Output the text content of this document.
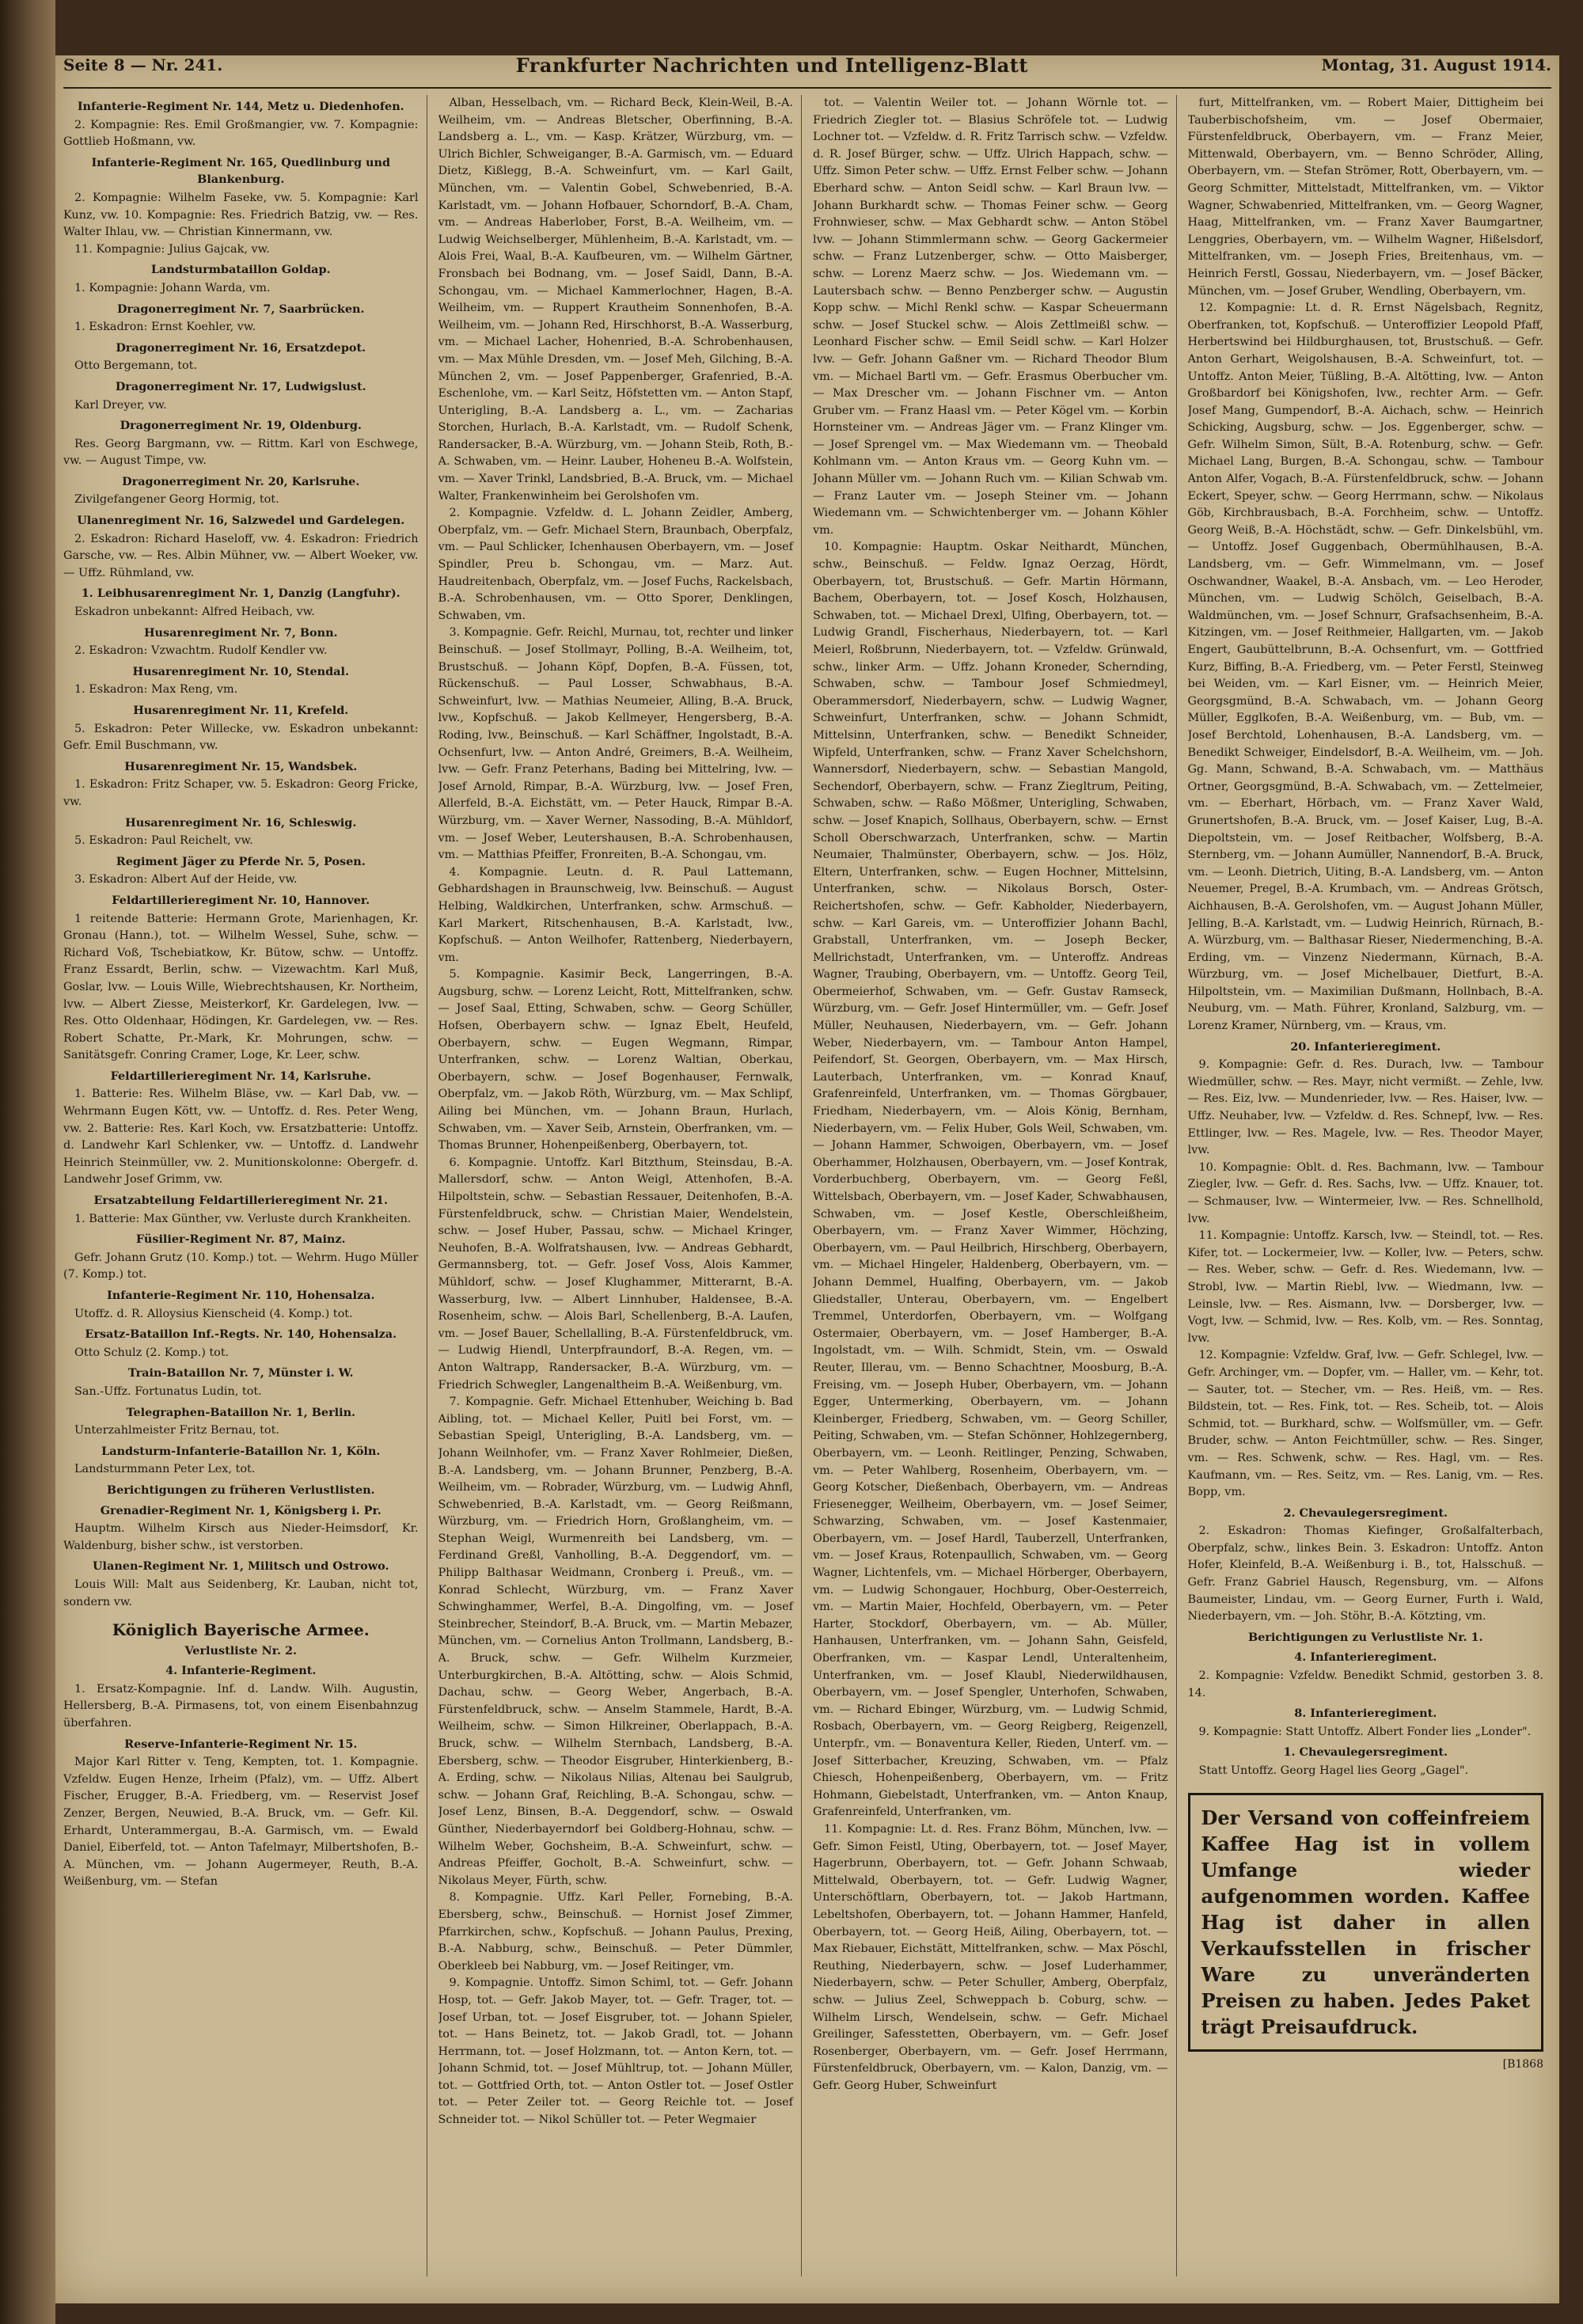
Seite 8 — Nr. 241.	Frankfurter Nachrichten und Intelligenz-Blatt	Montag, 31. August 1914.

Infanterie-Regiment Nr. 144, Metz u. Diedenhofen.

2. Kompagnie: Res. Emil Großmangier, vw. 7. Kompagnie: Gottlieb Hoßmann, vw.

Infanterie-Regiment Nr. 165, Quedlinburg und Blankenburg.

2. Kompagnie: Wilhelm Faseke, vw. 5. Kompagnie: Karl Kunz, vw. 10. Kompagnie: Res. Friedrich Batzig, vw. — Res. Walter Ihlau, vw. — Christian Kinnermann, vw.

11. Kompagnie: Julius Gajcak, vw.

Landsturmbataillon Goldap.

1. Kompagnie: Johann Warda, vm.

Dragonerregiment Nr. 7, Saarbrücken.

1. Eskadron: Ernst Koehler, vw.

Dragonerregiment Nr. 16, Ersatzdepot.

Otto Bergemann, tot.

Dragonerregiment Nr. 17, Ludwigslust.

Karl Dreyer, vw.

Dragonerregiment Nr. 19, Oldenburg.

Res. Georg Bargmann, vw. — Rittm. Karl von Eschwege, vw. — August Timpe, vw.

Dragonerregiment Nr. 20, Karlsruhe.

Zivilgefangener Georg Hormig, tot.

Ulanenregiment Nr. 16, Salzwedel und Gardelegen.

2. Eskadron: Richard Haseloff, vw. 4. Eskadron: Friedrich Garsche, vw. — Res. Albin Mühner, vw. — Albert Woeker, vw. — Uffz. Rühmland, vw.

1. Leibhusarenregiment Nr. 1, Danzig (Langfuhr).

Eskadron unbekannt: Alfred Heibach, vw.

Husarenregiment Nr. 7, Bonn.

2. Eskadron: Vzwachtm. Rudolf Kendler vw.

Husarenregiment Nr. 10, Stendal.

1. Eskadron: Max Reng, vm.

Husarenregiment Nr. 11, Krefeld.

5. Eskadron: Peter Willecke, vw. Eskadron unbekannt: Gefr. Emil Buschmann, vw.

Husarenregiment Nr. 15, Wandsbek.

1. Eskadron: Fritz Schaper, vw. 5. Eskadron: Georg Fricke, vw.

Husarenregiment Nr. 16, Schleswig.

5. Eskadron: Paul Reichelt, vw.

Regiment Jäger zu Pferde Nr. 5, Posen.

3. Eskadron: Albert Auf der Heide, vw.

Feldartillerieregiment Nr. 10, Hannover.

1 reitende Batterie: Hermann Grote, Marienhagen, Kr. Gronau (Hann.), tot. — Wilhelm Wessel, Suhe, schw. — Richard Voß, Tschebiatkow, Kr. Bütow, schw. — Untoffz. Franz Essardt, Berlin, schw. — Vizewachtm. Karl Muß, Goslar, lvw. — Louis Wille, Wiebrechtshausen, Kr. Northeim, lvw. — Albert Ziesse, Meisterkorf, Kr. Gardelegen, lvw. — Res. Otto Oldenhaar, Hödingen, Kr. Gardelegen, vw. — Res. Robert Schatte, Pr.-Mark, Kr. Mohrungen, schw. — Sanitätsgefr. Conring Cramer, Loge, Kr. Leer, schw.

Feldartillerieregiment Nr. 14, Karlsruhe.

1. Batterie: Res. Wilhelm Bläse, vw. — Karl Dab, vw. — Wehrmann Eugen Kött, vw. — Untoffz. d. Res. Peter Weng, vw. 2. Batterie: Res. Karl Koch, vw. Ersatzbatterie: Untoffz. d. Landwehr Karl Schlenker, vw. — Untoffz. d. Landwehr Heinrich Steinmüller, vw. 2. Munitionskolonne: Obergefr. d. Landwehr Josef Grimm, vw.

Ersatzabteilung Feldartillerieregiment Nr. 21.

1. Batterie: Max Günther, vw. Verluste durch Krankheiten.

Füsilier-Regiment Nr. 87, Mainz.

Gefr. Johann Grutz (10. Komp.) tot. — Wehrm. Hugo Müller (7. Komp.) tot.

Infanterie-Regiment Nr. 110, Hohensalza.

Utoffz. d. R. Alloysius Kienscheid (4. Komp.) tot.

Ersatz-Bataillon Inf.-Regts. Nr. 140, Hohensalza.

Otto Schulz (2. Komp.) tot.

Train-Bataillon Nr. 7, Münster i. W.

San.-Uffz. Fortunatus Ludin, tot.

Telegraphen-Bataillon Nr. 1, Berlin.

Unterzahlmeister Fritz Bernau, tot.

Landsturm-Infanterie-Bataillon Nr. 1, Köln.

Landsturmmann Peter Lex, tot.

Berichtigungen zu früheren Verlustlisten.

Grenadier-Regiment Nr. 1, Königsberg i. Pr.

Hauptm. Wilhelm Kirsch aus Nieder-Heimsdorf, Kr. Waldenburg, bisher schw., ist verstorben.

Ulanen-Regiment Nr. 1, Militsch und Ostrowo.

Louis Will: Malt aus Seidenberg, Kr. Lauban, nicht tot, sondern vw.

Königlich Bayerische Armee.

Verlustliste Nr. 2.

4. Infanterie-Regiment.

1. Ersatz-Kompagnie. Inf. d. Landw. Wilh. Augustin, Hellersberg, B.-A. Pirmasens, tot, von einem Eisenbahnzug überfahren.

Reserve-Infanterie-Regiment Nr. 15.

Major Karl Ritter v. Teng, Kempten, tot. 1. Kompagnie. Vzfeldw. Eugen Henze, Irheim (Pfalz), vm. — Uffz. Albert Fischer, Erugger, B.-A. Friedberg, vm. — Reservist Josef Zenzer, Bergen, Neuwied, B.-A. Bruck, vm. — Gefr. Kil. Erhardt, Unterammergau, B.-A. Garmisch, vm. — Ewald Daniel, Eiberfeld, tot. — Anton Tafelmayr, Milbertshofen, B.-A. München, vm. — Johann Augermeyer, Reuth, B.-A. Weißenburg, vm. — Stefan

Alban, Hesselbach, vm. — Richard Beck, Klein-Weil, B.-A. Weilheim, vm. — Andreas Bletscher, Oberfinning, B.-A. Landsberg a. L., vm. — Kasp. Krätzer, Würzburg, vm. — Ulrich Bichler, Schweiganger, B.-A. Garmisch, vm. — Eduard Dietz, Kißlegg, B.-A. Schweinfurt, vm. — Karl Gailt, München, vm. — Valentin Gobel, Schwebenried, B.-A. Karlstadt, vm. — Johann Hofbauer, Schorndorf, B.-A. Cham, vm. — Andreas Haberlober, Forst, B.-A. Weilheim, vm. — Ludwig Weichselberger, Mühlenheim, B.-A. Karlstadt, vm. — Alois Frei, Waal, B.-A. Kaufbeuren, vm. — Wilhelm Gärtner, Fronsbach bei Bodnang, vm. — Josef Saidl, Dann, B.-A. Schongau, vm. — Michael Kammerlochner, Hagen, B.-A. Weilheim, vm. — Ruppert Krautheim Sonnenhofen, B.-A. Weilheim, vm. — Johann Red, Hirschhorst, B.-A. Wasserburg, vm. — Michael Lacher, Hohenried, B.-A. Schrobenhausen, vm. — Max Mühle Dresden, vm. — Josef Meh, Gilching, B.-A. München 2, vm. — Josef Pappenberger, Grafenried, B.-A. Eschenlohe, vm. — Karl Seitz, Höfstetten vm. — Anton Stapf, Unterigling, B.-A. Landsberg a. L., vm. — Zacharias Storchen, Hurlach, B.-A. Karlstadt, vm. — Rudolf Schenk, Randersacker, B.-A. Würzburg, vm. — Johann Steib, Roth, B.-A. Schwaben, vm. — Heinr. Lauber, Hoheneu B.-A. Wolfstein, vm. — Xaver Trinkl, Landsbried, B.-A. Bruck, vm. — Michael Walter, Frankenwinheim bei Gerolshofen vm.

2. Kompagnie. Vzfeldw. d. L. Johann Zeidler, Amberg, Oberpfalz, vm. — Gefr. Michael Stern, Braunbach, Oberpfalz, vm. — Paul Schlicker, Ichenhausen Oberbayern, vm. — Josef Spindler, Preu b. Schongau, vm. — Marz. Aut. Haudreitenbach, Oberpfalz, vm. — Josef Fuchs, Rackelsbach, B.-A. Schrobenhausen, vm. — Otto Sporer, Denklingen, Schwaben, vm.

3. Kompagnie. Gefr. Reichl, Murnau, tot, rechter und linker Beinschuß. — Josef Stollmayr, Polling, B.-A. Weilheim, tot, Brustschuß. — Johann Köpf, Dopfen, B.-A. Füssen, tot, Rückenschuß. — Paul Losser, Schwabhaus, B.-A. Schweinfurt, lvw. — Mathias Neumeier, Alling, B.-A. Bruck, lvw., Kopfschuß. — Jakob Kellmeyer, Hengersberg, B.-A. Roding, lvw., Beinschuß. — Karl Schäffner, Ingolstadt, B.-A. Ochsenfurt, lvw. — Anton André, Greimers, B.-A. Weilheim, lvw. — Gefr. Franz Peterhans, Bading bei Mittelring, lvw. — Josef Arnold, Rimpar, B.-A. Würzburg, lvw. — Josef Fren, Allerfeld, B.-A. Eichstätt, vm. — Peter Hauck, Rimpar B.-A. Würzburg, vm. — Xaver Werner, Nassoding, B.-A. Mühldorf, vm. — Josef Weber, Leutershausen, B.-A. Schrobenhausen, vm. — Matthias Pfeiffer, Fronreiten, B.-A. Schongau, vm.

4. Kompagnie. Leutn. d. R. Paul Lattemann, Gebhardshagen in Braunschweig, lvw. Beinschuß. — August Helbing, Waldkirchen, Unterfranken, schw. Armschuß. — Karl Markert, Ritschenhausen, B.-A. Karlstadt, lvw., Kopfschuß. — Anton Weilhofer, Rattenberg, Niederbayern, vm.

5. Kompagnie. Kasimir Beck, Langerringen, B.-A. Augsburg, schw. — Lorenz Leicht, Rott, Mittelfranken, schw. — Josef Saal, Etting, Schwaben, schw. — Georg Schüller, Hofsen, Oberbayern schw. — Ignaz Ebelt, Heufeld, Oberbayern, schw. — Eugen Wegmann, Rimpar, Unterfranken, schw. — Lorenz Waltian, Oberkau, Oberbayern, schw. — Josef Bogenhauser, Fernwalk, Oberpfalz, vm. — Jakob Röth, Würzburg, vm. — Max Schlipf, Ailing bei München, vm. — Johann Braun, Hurlach, Schwaben, vm. — Xaver Seib, Arnstein, Oberfranken, vm. — Thomas Brunner, Hohenpeißenberg, Oberbayern, tot.

6. Kompagnie. Untoffz. Karl Bitzthum, Steinsdau, B.-A. Mallersdorf, schw. — Anton Weigl, Attenhofen, B.-A. Hilpoltstein, schw. — Sebastian Ressauer, Deitenhofen, B.-A. Fürstenfeldbruck, schw. — Christian Maier, Wendelstein, schw. — Josef Huber, Passau, schw. — Michael Kringer, Neuhofen, B.-A. Wolfratshausen, lvw. — Andreas Gebhardt, Germannsberg, tot. — Gefr. Josef Voss, Alois Kammer, Mühldorf, schw. — Josef Klughammer, Mitterarnt, B.-A. Wasserburg, lvw. — Albert Linnhuber, Haldensee, B.-A. Rosenheim, schw. — Alois Barl, Schellenberg, B.-A. Laufen, vm. — Josef Bauer, Schellalling, B.-A. Fürstenfeldbruck, vm. — Ludwig Hiendl, Unterpfraundorf, B.-A. Regen, vm. — Anton Waltrapp, Randersacker, B.-A. Würzburg, vm. — Friedrich Schwegler, Langenaltheim B.-A. Weißenburg, vm.

7. Kompagnie. Gefr. Michael Ettenhuber, Weiching b. Bad Aibling, tot. — Michael Keller, Puitl bei Forst, vm. — Sebastian Speigl, Unterigling, B.-A. Landsberg, vm. — Johann Weilnhofer, vm. — Franz Xaver Rohlmeier, Dießen, B.-A. Landsberg, vm. — Johann Brunner, Penzberg, B.-A. Weilheim, vm. — Robrader, Würzburg, vm. — Ludwig Ahnfl, Schwebenried, B.-A. Karlstadt, vm. — Georg Reißmann, Würzburg, vm. — Friedrich Horn, Großlangheim, vm. — Stephan Weigl, Wurmenreith bei Landsberg, vm. — Ferdinand Greßl, Vanholling, B.-A. Deggendorf, vm. — Philipp Balthasar Weidmann, Cronberg i. Preuß., vm. — Konrad Schlecht, Würzburg, vm. — Franz Xaver Schwinghammer, Werfel, B.-A. Dingolfing, vm. — Josef Steinbrecher, Steindorf, B.-A. Bruck, vm. — Martin Mebazer, München, vm. — Cornelius Anton Trollmann, Landsberg, B.-A. Bruck, schw. — Gefr. Wilhelm Kurzmeier, Unterburgkirchen, B.-A. Altötting, schw. — Alois Schmid, Dachau, schw. — Georg Weber, Angerbach, B.-A. Fürstenfeldbruck, schw. — Anselm Stammele, Hardt, B.-A. Weilheim, schw. — Simon Hilkreiner, Oberlappach, B.-A. Bruck, schw. — Wilhelm Sternbach, Landsberg, B.-A. Ebersberg, schw. — Theodor Eisgruber, Hinterkienberg, B.-A. Erding, schw. — Nikolaus Nilias, Altenau bei Saulgrub, schw. — Johann Graf, Reichling, B.-A. Schongau, schw. — Josef Lenz, Binsen, B.-A. Deggendorf, schw. — Oswald Günther, Niederbayerndorf bei Goldberg-Hohnau, schw. — Wilhelm Weber, Gochsheim, B.-A. Schweinfurt, schw. — Andreas Pfeiffer, Gocholt, B.-A. Schweinfurt, schw. — Nikolaus Meyer, Fürth, schw.

8. Kompagnie. Uffz. Karl Peller, Fornebing, B.-A. Ebersberg, schw., Beinschuß. — Hornist Josef Zimmer, Pfarrkirchen, schw., Kopfschuß. — Johann Paulus, Prexing, B.-A. Nabburg, schw., Beinschuß. — Peter Dümmler, Oberkleeb bei Nabburg, vm. — Josef Reitinger, vm.

9. Kompagnie. Untoffz. Simon Schiml, tot. — Gefr. Johann Hosp, tot. — Gefr. Jakob Mayer, tot. — Gefr. Trager, tot. — Josef Urban, tot. — Josef Eisgruber, tot. — Johann Spieler, tot. — Hans Beinetz, tot. — Jakob Gradl, tot. — Johann Herrmann, tot. — Josef Holzmann, tot. — Anton Kern, tot. — Johann Schmid, tot. — Josef Mühltrup, tot. — Johann Müller, tot. — Gottfried Orth, tot. — Anton Ostler tot. — Josef Ostler tot. — Peter Zeiler tot. — Georg Reichle tot. — Josef Schneider tot. — Nikol Schüller tot. — Peter Wegmaier

tot. — Valentin Weiler tot. — Johann Wörnle tot. — Friedrich Ziegler tot. — Blasius Schröfele tot. — Ludwig Lochner tot. — Vzfeldw. d. R. Fritz Tarrisch schw. — Vzfeldw. d. R. Josef Bürger, schw. — Uffz. Ulrich Happach, schw. — Uffz. Simon Peter schw. — Uffz. Ernst Felber schw. — Johann Eberhard schw. — Anton Seidl schw. — Karl Braun lvw. — Johann Burkhardt schw. — Thomas Feiner schw. — Georg Frohnwieser, schw. — Max Gebhardt schw. — Anton Stöbel lvw. — Johann Stimmlermann schw. — Georg Gackermeier schw. — Franz Lutzenberger, schw. — Otto Maisberger, schw. — Lorenz Maerz schw. — Jos. Wiedemann vm. — Lautersbach schw. — Benno Penzberger schw. — Augustin Kopp schw. — Michl Renkl schw. — Kaspar Scheuermann schw. — Josef Stuckel schw. — Alois Zettlmeißl schw. — Leonhard Fischer schw. — Emil Seidl schw. — Karl Holzer lvw. — Gefr. Johann Gaßner vm. — Richard Theodor Blum vm. — Michael Bartl vm. — Gefr. Erasmus Oberbucher vm. — Max Drescher vm. — Johann Fischner vm. — Anton Gruber vm. — Franz Haasl vm. — Peter Kögel vm. — Korbin Hornsteiner vm. — Andreas Jäger vm. — Franz Klinger vm. — Josef Sprengel vm. — Max Wiedemann vm. — Theobald Kohlmann vm. — Anton Kraus vm. — Georg Kuhn vm. — Johann Müller vm. — Johann Ruch vm. — Kilian Schwab vm. — Franz Lauter vm. — Joseph Steiner vm. — Johann Wiedemann vm. — Schwichtenberger vm. — Johann Köhler vm.

10. Kompagnie: Hauptm. Oskar Neithardt, München, schw., Beinschuß. — Feldw. Ignaz Oerzag, Hördt, Oberbayern, tot, Brustschuß. — Gefr. Martin Hörmann, Bachem, Oberbayern, tot. — Josef Kosch, Holzhausen, Schwaben, tot. — Michael Drexl, Ulfing, Oberbayern, tot. — Ludwig Grandl, Fischerhaus, Niederbayern, tot. — Karl Meierl, Roßbrunn, Niederbayern, tot. — Vzfeldw. Grünwald, schw., linker Arm. — Uffz. Johann Kroneder, Schernding, Schwaben, schw. — Tambour Josef Schmiedmeyl, Oberammersdorf, Niederbayern, schw. — Ludwig Wagner, Schweinfurt, Unterfranken, schw. — Johann Schmidt, Mittelsinn, Unterfranken, schw. — Benedikt Schneider, Wipfeld, Unterfranken, schw. — Franz Xaver Schelchshorn, Wannersdorf, Niederbayern, schw. — Sebastian Mangold, Sechendorf, Oberbayern, schw. — Franz Ziegltrum, Peiting, Schwaben, schw. — Raßo Mößmer, Unterigling, Schwaben, schw. — Josef Knapich, Sollhaus, Oberbayern, schw. — Ernst Scholl Oberschwarzach, Unterfranken, schw. — Martin Neumaier, Thalmünster, Oberbayern, schw. — Jos. Hölz, Eltern, Unterfranken, schw. — Eugen Hochner, Mittelsinn, Unterfranken, schw. — Nikolaus Borsch, Oster-Reichertshofen, schw. — Gefr. Kabholder, Niederbayern, schw. — Karl Gareis, vm. — Unteroffizier Johann Bachl, Grabstall, Unterfranken, vm. — Joseph Becker, Mellrichstadt, Unterfranken, vm. — Unteroffz. Andreas Wagner, Traubing, Oberbayern, vm. — Untoffz. Georg Teil, Obermeierhof, Schwaben, vm. — Gefr. Gustav Ramseck, Würzburg, vm. — Gefr. Josef Hintermüller, vm. — Gefr. Josef Müller, Neuhausen, Niederbayern, vm. — Gefr. Johann Weber, Niederbayern, vm. — Tambour Anton Hampel, Peifendorf, St. Georgen, Oberbayern, vm. — Max Hirsch, Lauterbach, Unterfranken, vm. — Konrad Knauf, Grafenreinfeld, Unterfranken, vm. — Thomas Görgbauer, Friedham, Niederbayern, vm. — Alois König, Bernham, Niederbayern, vm. — Felix Huber, Gols Weil, Schwaben, vm. — Johann Hammer, Schwoigen, Oberbayern, vm. — Josef Oberhammer, Holzhausen, Oberbayern, vm. — Josef Kontrak, Vorderbuchberg, Oberbayern, vm. — Georg Feßl, Wittelsbach, Oberbayern, vm. — Josef Kader, Schwabhausen, Schwaben, vm. — Josef Kestle, Oberschleißheim, Oberbayern, vm. — Franz Xaver Wimmer, Höchzing, Oberbayern, vm. — Paul Heilbrich, Hirschberg, Oberbayern, vm. — Michael Hingeler, Haldenberg, Oberbayern, vm. — Johann Demmel, Hualfing, Oberbayern, vm. — Jakob Gliedstaller, Unterau, Oberbayern, vm. — Engelbert Tremmel, Unterdorfen, Oberbayern, vm. — Wolfgang Ostermaier, Oberbayern, vm. — Josef Hamberger, B.-A. Ingolstadt, vm. — Wilh. Schmidt, Stein, vm. — Oswald Reuter, Illerau, vm. — Benno Schachtner, Moosburg, B.-A. Freising, vm. — Joseph Huber, Oberbayern, vm. — Johann Egger, Untermerking, Oberbayern, vm. — Johann Kleinberger, Friedberg, Schwaben, vm. — Georg Schiller, Peiting, Schwaben, vm. — Stefan Schönner, Hohlzegernberg, Oberbayern, vm. — Leonh. Reitlinger, Penzing, Schwaben, vm. — Peter Wahlberg, Rosenheim, Oberbayern, vm. — Georg Kotscher, Dießenbach, Oberbayern, vm. — Andreas Friesenegger, Weilheim, Oberbayern, vm. — Josef Seimer, Schwarzing, Schwaben, vm. — Josef Kastenmaier, Oberbayern, vm. — Josef Hardl, Tauberzell, Unterfranken, vm. — Josef Kraus, Rotenpaullich, Schwaben, vm. — Georg Wagner, Lichtenfels, vm. — Michael Hörberger, Oberbayern, vm. — Ludwig Schongauer, Hochburg, Ober-Oesterreich, vm. — Martin Maier, Hochfeld, Oberbayern, vm. — Peter Harter, Stockdorf, Oberbayern, vm. — Ab. Müller, Hanhausen, Unterfranken, vm. — Johann Sahn, Geisfeld, Oberfranken, vm. — Kaspar Lendl, Unteraltenheim, Unterfranken, vm. — Josef Klaubl, Niederwildhausen, Oberbayern, vm. — Josef Spengler, Unterhofen, Schwaben, vm. — Richard Ebinger, Würzburg, vm. — Ludwig Schmid, Rosbach, Oberbayern, vm. — Georg Reigberg, Reigenzell, Unterpfr., vm. — Bonaventura Keller, Rieden, Unterf. vm. — Josef Sitterbacher, Kreuzing, Schwaben, vm. — Pfalz Chiesch, Hohenpeißenberg, Oberbayern, vm. — Fritz Hohmann, Giebelstadt, Unterfranken, vm. — Anton Knaup, Grafenreinfeld, Unterfranken, vm.

11. Kompagnie: Lt. d. Res. Franz Böhm, München, lvw. — Gefr. Simon Feistl, Uting, Oberbayern, tot. — Josef Mayer, Hagerbrunn, Oberbayern, tot. — Gefr. Johann Schwaab, Mittelwald, Oberbayern, tot. — Gefr. Ludwig Wagner, Unterschöftlarn, Oberbayern, tot. — Jakob Hartmann, Lebeltshofen, Oberbayern, tot. — Johann Hammer, Hanfeld, Oberbayern, tot. — Georg Heiß, Ailing, Oberbayern, tot. — Max Riebauer, Eichstätt, Mittelfranken, schw. — Max Pöschl, Reuthing, Niederbayern, schw. — Josef Luderhammer, Niederbayern, schw. — Peter Schuller, Amberg, Oberpfalz, schw. — Julius Zeel, Schweppach b. Coburg, schw. — Wilhelm Lirsch, Wendelsein, schw. — Gefr. Michael Greilinger, Safesstetten, Oberbayern, vm. — Gefr. Josef Rosenberger, Oberbayern, vm. — Gefr. Josef Herrmann, Fürstenfeldbruck, Oberbayern, vm. — Kalon, Danzig, vm. — Gefr. Georg Huber, Schweinfurt

furt, Mittelfranken, vm. — Robert Maier, Dittigheim bei Tauberbischofsheim, vm. — Josef Obermaier, Fürstenfeldbruck, Oberbayern, vm. — Franz Meier, Mittenwald, Oberbayern, vm. — Benno Schröder, Alling, Oberbayern, vm. — Stefan Strömer, Rott, Oberbayern, vm. — Georg Schmitter, Mittelstadt, Mittelfranken, vm. — Viktor Wagner, Schwabenried, Mittelfranken, vm. — Georg Wagner, Haag, Mittelfranken, vm. — Franz Xaver Baumgartner, Lenggries, Oberbayern, vm. — Wilhelm Wagner, Hißelsdorf, Mittelfranken, vm. — Joseph Fries, Breitenhaus, vm. — Heinrich Ferstl, Gossau, Niederbayern, vm. — Josef Bäcker, München, vm. — Josef Gruber, Wendling, Oberbayern, vm.

12. Kompagnie: Lt. d. R. Ernst Nägelsbach, Regnitz, Oberfranken, tot, Kopfschuß. — Unteroffizier Leopold Pfaff, Herbertswind bei Hildburghausen, tot, Brustschuß. — Gefr. Anton Gerhart, Weigolshausen, B.-A. Schweinfurt, tot. — Untoffz. Anton Meier, Tüßling, B.-A. Altötting, lvw. — Anton Großbardorf bei Königshofen, lvw., rechter Arm. — Gefr. Josef Mang, Gumpendorf, B.-A. Aichach, schw. — Heinrich Schicking, Augsburg, schw. — Jos. Eggenberger, schw. — Gefr. Wilhelm Simon, Sült, B.-A. Rotenburg, schw. — Gefr. Michael Lang, Burgen, B.-A. Schongau, schw. — Tambour Anton Alfer, Vogach, B.-A. Fürstenfeldbruck, schw. — Johann Eckert, Speyer, schw. — Georg Herrmann, schw. — Nikolaus Göb, Kirchbrausbach, B.-A. Forchheim, schw. — Untoffz. Georg Weiß, B.-A. Höchstädt, schw. — Gefr. Dinkelsbühl, vm. — Untoffz. Josef Guggenbach, Obermühlhausen, B.-A. Landsberg, vm. — Gefr. Wimmelmann, vm. — Josef Oschwandner, Waakel, B.-A. Ansbach, vm. — Leo Heroder, München, vm. — Ludwig Schölch, Geiselbach, B.-A. Waldmünchen, vm. — Josef Schnurr, Grafsachsenheim, B.-A. Kitzingen, vm. — Josef Reithmeier, Hallgarten, vm. — Jakob Engert, Gaubüttelbrunn, B.-A. Ochsenfurt, vm. — Gottfried Kurz, Biffing, B.-A. Friedberg, vm. — Peter Ferstl, Steinweg bei Weiden, vm. — Karl Eisner, vm. — Heinrich Meier, Georgsgmünd, B.-A. Schwabach, vm. — Johann Georg Müller, Egglkofen, B.-A. Weißenburg, vm. — Bub, vm. — Josef Berchtold, Lohenhausen, B.-A. Landsberg, vm. — Benedikt Schweiger, Eindelsdorf, B.-A. Weilheim, vm. — Joh. Gg. Mann, Schwand, B.-A. Schwabach, vm. — Matthäus Ortner, Georgsgmünd, B.-A. Schwabach, vm. — Zettelmeier, vm. — Eberhart, Hörbach, vm. — Franz Xaver Wald, Grunertshofen, B.-A. Bruck, vm. — Josef Kaiser, Lug, B.-A. Diepoltstein, vm. — Josef Reitbacher, Wolfsberg, B.-A. Sternberg, vm. — Johann Aumüller, Nannendorf, B.-A. Bruck, vm. — Leonh. Dietrich, Uiting, B.-A. Landsberg, vm. — Anton Neuemer, Pregel, B.-A. Krumbach, vm. — Andreas Grötsch, Aichhausen, B.-A. Gerolshofen, vm. — August Johann Müller, Jelling, B.-A. Karlstadt, vm. — Ludwig Heinrich, Rürnach, B.-A. Würzburg, vm. — Balthasar Rieser, Niedermenching, B.-A. Erding, vm. — Vinzenz Niedermann, Kürnach, B.-A. Würzburg, vm. — Josef Michelbauer, Dietfurt, B.-A. Hilpoltstein, vm. — Maximilian Dußmann, Hollnbach, B.-A. Neuburg, vm. — Math. Führer, Kronland, Salzburg, vm. — Lorenz Kramer, Nürnberg, vm. — Kraus, vm.

20. Infanterieregiment.

9. Kompagnie: Gefr. d. Res. Durach, lvw. — Tambour Wiedmüller, schw. — Res. Mayr, nicht vermißt. — Zehle, lvw. — Res. Eiz, lvw. — Mundenrieder, lvw. — Res. Haiser, lvw. — Uffz. Neuhaber, lvw. — Vzfeldw. d. Res. Schnepf, lvw. — Res. Ettlinger, lvw. — Res. Magele, lvw. — Res. Theodor Mayer, lvw.

10. Kompagnie: Oblt. d. Res. Bachmann, lvw. — Tambour Ziegler, lvw. — Gefr. d. Res. Sachs, lvw. — Uffz. Knauer, tot. — Schmauser, lvw. — Wintermeier, lvw. — Res. Schnellhold, lvw.

11. Kompagnie: Untoffz. Karsch, lvw. — Steindl, tot. — Res. Kifer, tot. — Lockermeier, lvw. — Koller, lvw. — Peters, schw. — Res. Weber, schw. — Gefr. d. Res. Wiedemann, lvw. — Strobl, lvw. — Martin Riebl, lvw. — Wiedmann, lvw. — Leinsle, lvw. — Res. Aismann, lvw. — Dorsberger, lvw. — Vogt, lvw. — Schmid, lvw. — Res. Kolb, vm. — Res. Sonntag, lvw.

12. Kompagnie: Vzfeldw. Graf, lvw. — Gefr. Schlegel, lvw. — Gefr. Archinger, vm. — Dopfer, vm. — Haller, vm. — Kehr, tot. — Sauter, tot. — Stecher, vm. — Res. Heiß, vm. — Res. Bildstein, tot. — Res. Fink, tot. — Res. Scheib, tot. — Alois Schmid, tot. — Burkhard, schw. — Wolfsmüller, vm. — Gefr. Bruder, schw. — Anton Feichtmüller, schw. — Res. Singer, vm. — Res. Schwenk, schw. — Res. Hagl, vm. — Res. Kaufmann, vm. — Res. Seitz, vm. — Res. Lanig, vm. — Res. Bopp, vm.

2. Chevaulegersregiment.

2. Eskadron: Thomas Kiefinger, Großalfalterbach, Oberpfalz, schw., linkes Bein. 3. Eskadron: Untoffz. Anton Hofer, Kleinfeld, B.-A. Weißenburg i. B., tot, Halsschuß. — Gefr. Franz Gabriel Hausch, Regensburg, vm. — Alfons Baumeister, Lindau, vm. — Georg Eurner, Furth i. Wald, Niederbayern, vm. — Joh. Stöhr, B.-A. Kötzting, vm.

Berichtigungen zu Verlustliste Nr. 1.

4. Infanterieregiment.

2. Kompagnie: Vzfeldw. Benedikt Schmid, gestorben 3. 8. 14.

8. Infanterieregiment.

9. Kompagnie: Statt Untoffz. Albert Fonder lies „Londer".

1. Chevaulegersregiment.

Statt Untoffz. Georg Hagel lies Georg „Gagel".

Der Versand von coffeinfreiem Kaffee Hag ist in vollem Umfange wieder aufgenommen worden. Kaffee Hag ist daher in allen Verkaufsstellen in frischer Ware zu unveränderten Preisen zu haben. Jedes Paket trägt Preisaufdruck.
[B1868
